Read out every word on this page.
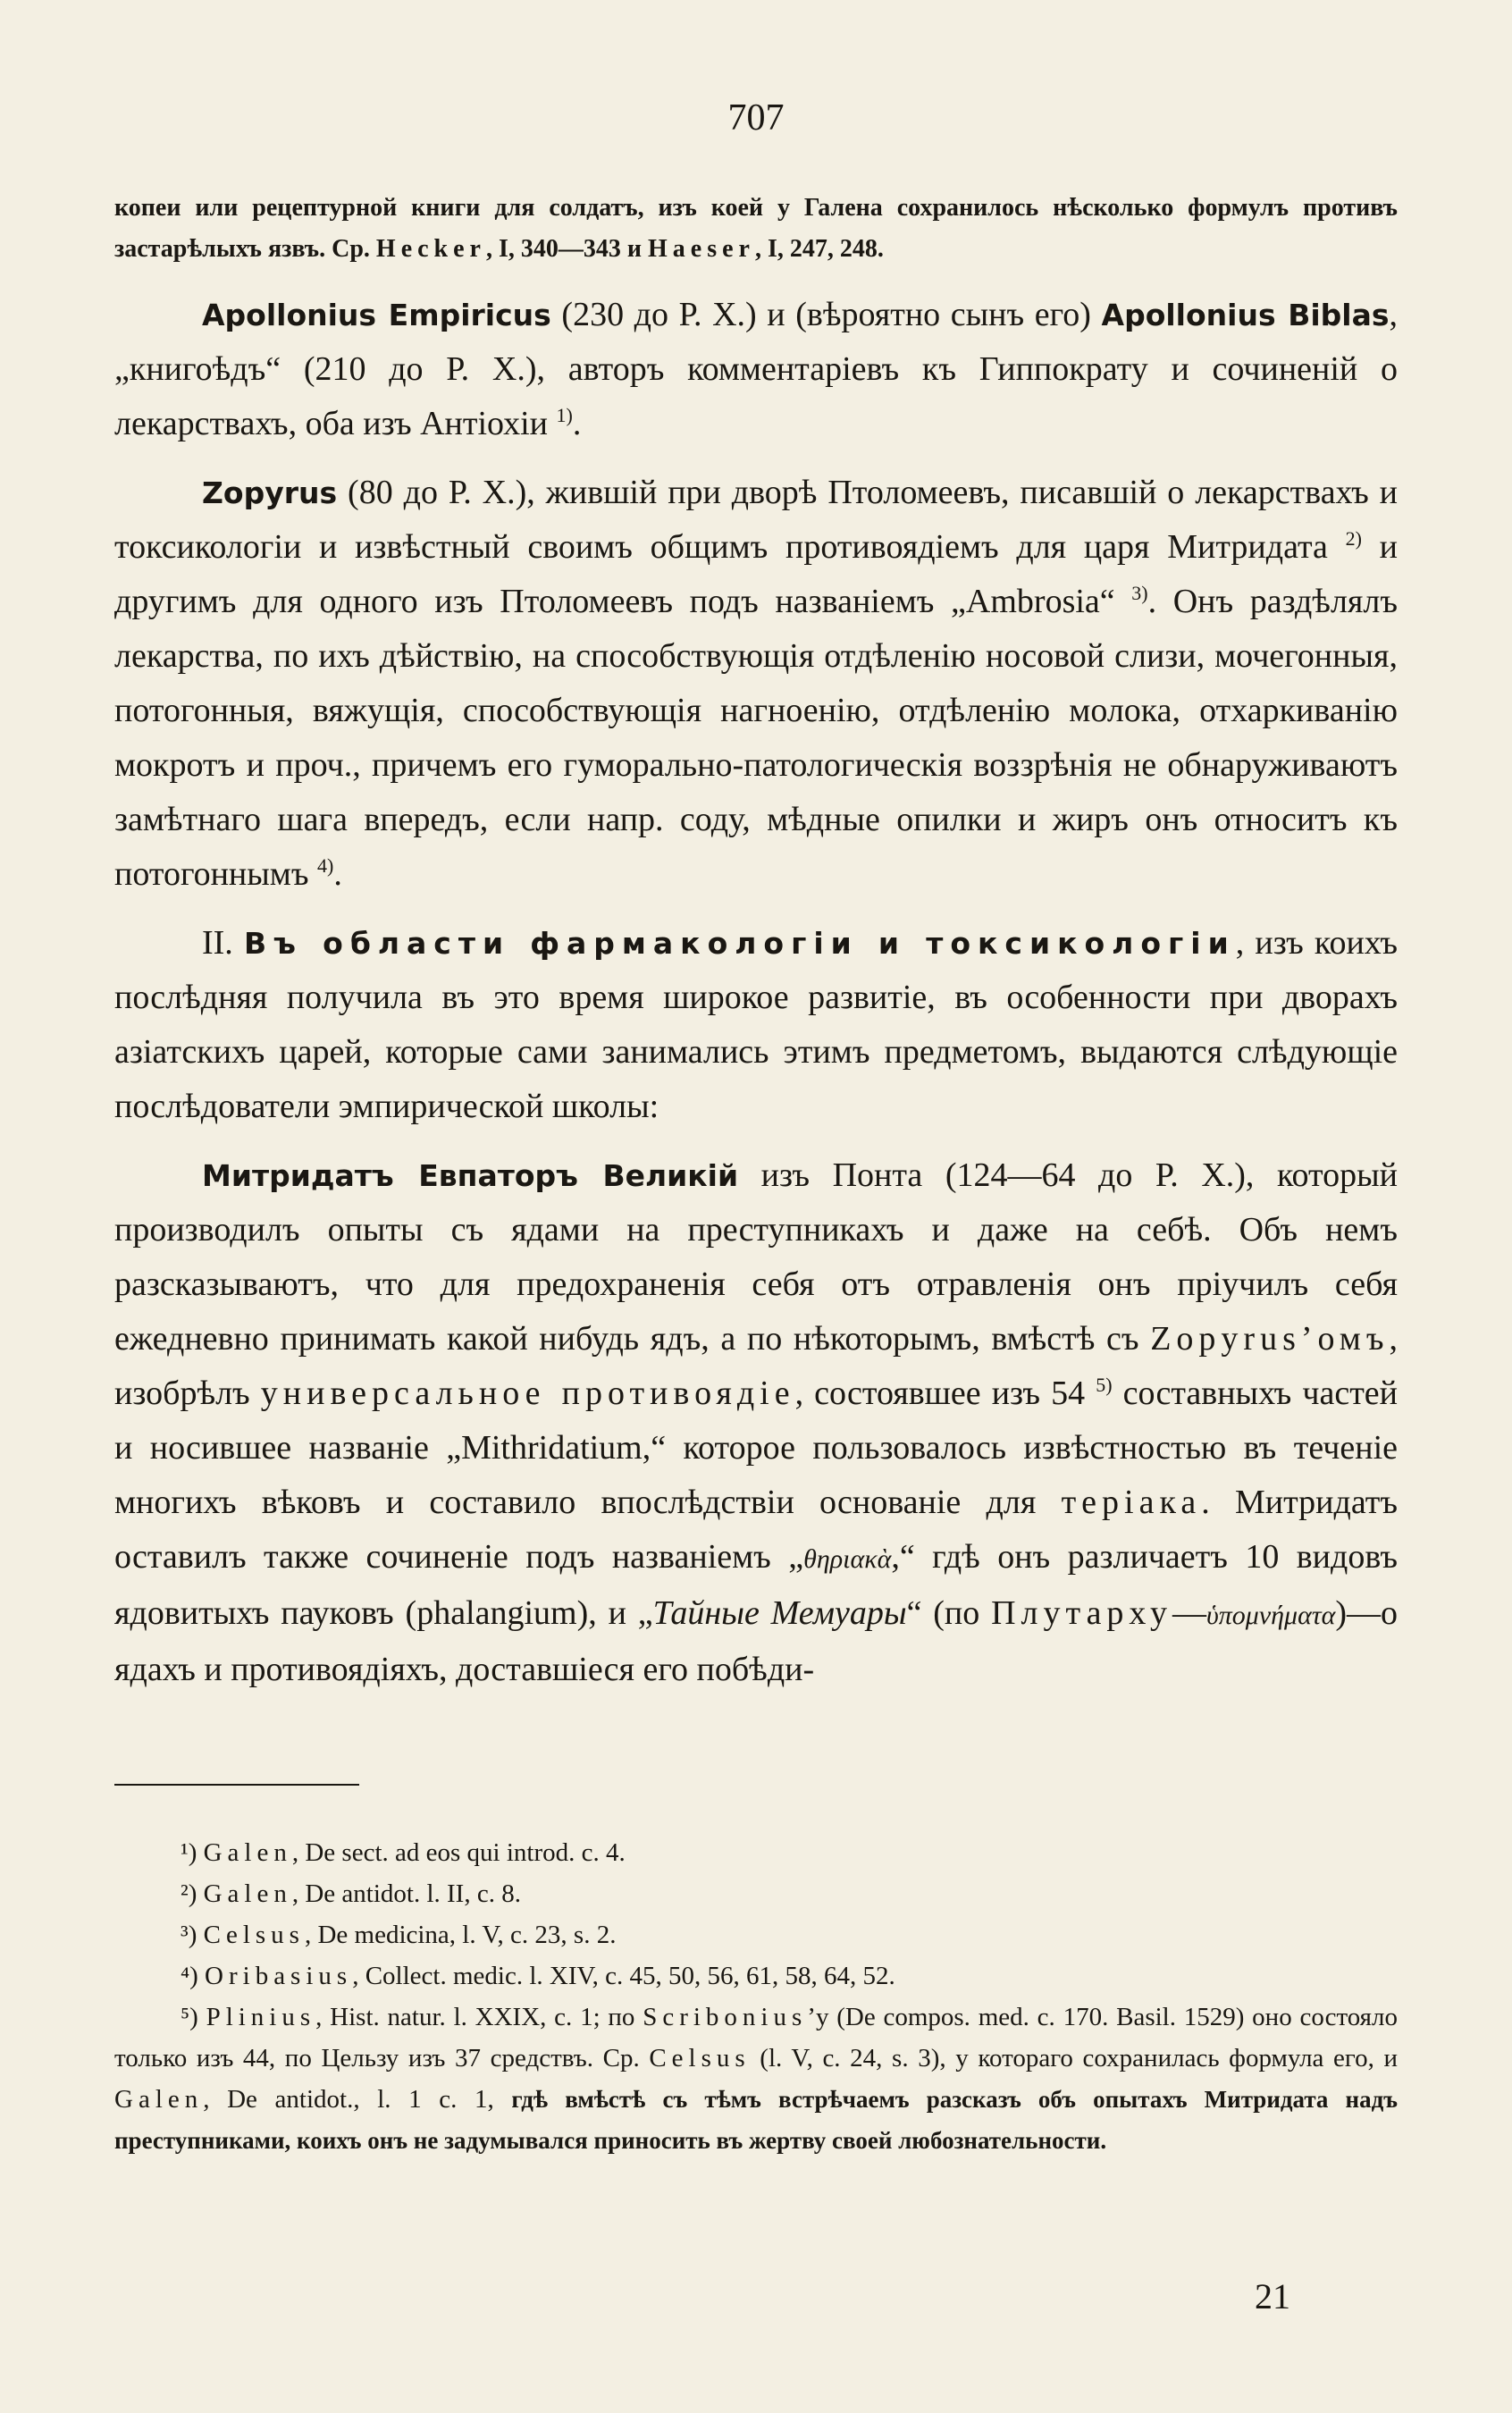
707
копеи или рецептурной книги для солдатъ, изъ коей у Галена сохранилось нѣсколько формулъ противъ застарѣлыхъ язвъ. Ср. Hecker, I, 340—343 и Haeser, I, 247, 248.

Apollonius Empiricus (230 до Р. Х.) и (вѣроятно сынъ его) Apollonius Biblas, „книгоѣдъ“ (210 до Р. Х.), авторъ комментаріевъ къ Гиппократу и сочиненій о лекарствахъ, оба изъ Антіохіи $^{1)}$.

Zopyrus (80 до Р. Х.), жившій при дворѣ Птоломеевъ, писавшій о лекарствахъ и токсикологіи и извѣстный своимъ общимъ противоядіемъ для царя Митридата $^{2)}$ и другимъ для одного изъ Птоломеевъ подъ названіемъ „Ambrosia“ $^{3)}$. Онъ раздѣлялъ лекарства, по ихъ дѣйствію, на способствующія отдѣленію носовой слизи, мочегонныя, потогонныя, вяжущія, способствующія нагноенію, отдѣленію молока, отхаркиванію мокротъ и проч., причемъ его гуморально-патологическія воззрѣнія не обнаруживаютъ замѣтнаго шага впередъ, если напр. соду, мѣдные опилки и жиръ онъ относитъ къ потогоннымъ $^{4)}$.

II. Въ области фармакологіи и токсикологіи, изъ коихъ послѣдняя получила въ это время широкое развитіе, въ особенности при дворахъ азіатскихъ царей, которые сами занимались этимъ предметомъ, выдаются слѣдующіе послѣдователи эмпирической школы:

Митридатъ Евпаторъ Великій изъ Понта (124—64 до Р. Х.), который производилъ опыты съ ядами на преступникахъ и даже на себѣ. Объ немъ разсказываютъ, что для предохраненія себя отъ отравленія онъ пріучилъ себя ежедневно принимать какой нибудь ядъ, а по нѣкоторымъ, вмѣстѣ съ Zopyrus’омъ, изобрѣлъ универсальное противоядіе, состоявшее изъ 54 $^{5)}$ составныхъ частей и носившее названіе „Mithridatium,“ которое пользовалось извѣстностью въ теченіе многихъ вѣковъ и составило впослѣдствіи основаніе для теріака. Митридатъ оставилъ также сочиненіе подъ названіемъ „θηριακὰ,“ гдѣ онъ различаетъ 10 видовъ ядовитыхъ пауковъ (phalangium), и „Тайные Мемуары“ (по Плутарху—ὑπομνήματα)—о ядахъ и противоядіяхъ, доставшіеся его побѣди-

¹) Galen, De sect. ad eos qui introd. c. 4.

²) Galen, De antidot. l. II, c. 8.

³) Celsus, De medicina, l. V, c. 23, s. 2.

⁴) Oribasius, Collect. medic. l. XIV, c. 45, 50, 56, 61, 58, 64, 52.

⁵) Plinius, Hist. natur. l. XXIX, c. 1; по Scribonius’у (De compos. med. c. 170. Basil. 1529) оно состояло только изъ 44, по Цельзу изъ 37 средствъ. Ср. Celsus (l. V, c. 24, s. 3), у котораго сохранилась формула его, и Galen, De antidot., l. 1 c. 1, гдѣ вмѣстѣ съ тѣмъ встрѣчаемъ разсказъ объ опытахъ Митридата надъ преступниками, коихъ онъ не задумывался приносить въ жертву своей любознательности.

21
